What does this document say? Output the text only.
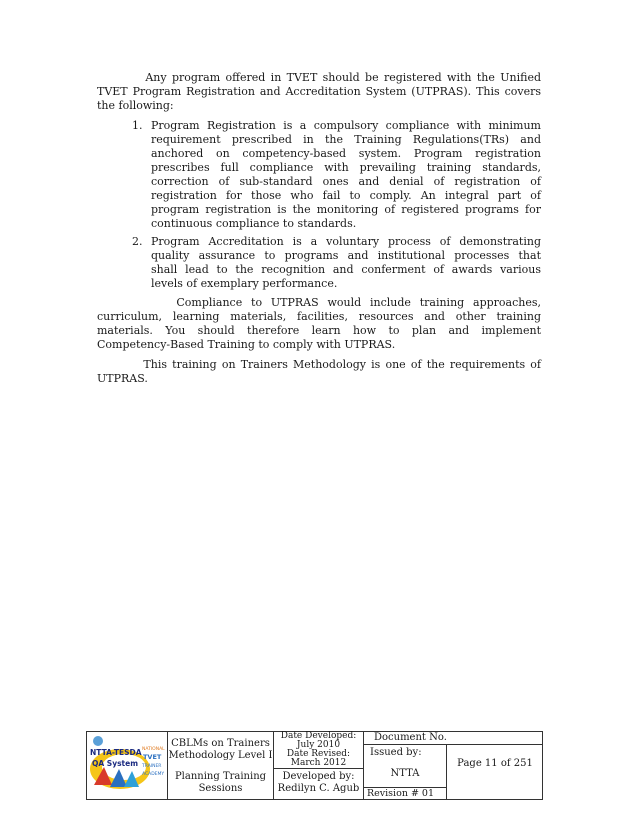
Any program offered in TVET should be registered with the Unified
TVET Program Registration and Accreditation System (UTPRAS). This covers
the following:
1. Program Registration is a compulsory compliance with minimum
requirement prescribed in the Training Regulations(TRs) and
anchored on competency-based system. Program registration
prescribes full compliance with prevailing training standards,
correction of sub-standard ones and denial of registration of
registration for those who fail to comply. An integral part of
program registration is the monitoring of registered programs for
continuous compliance to standards.
2. Program Accreditation is a voluntary process of demonstrating
quality assurance to programs and institutional processes that
shall lead to the recognition and conferment of awards various
levels of exemplary performance.
Compliance to UTPRAS would include training approaches,
curriculum, learning materials, facilities, resources and other training
materials. You should therefore learn how to plan and implement
Competency-Based Training to comply with UTPRAS.
This training on Trainers Methodology is one of the requirements of
UTPRAS.
NTTA-TESDA
QA System
NATIONAL
TVET
TRAINER
ACADEMY
CBLMs on Trainers Methodology Level I
Planning Training Sessions
Date Developed:
July 2010
Date Revised:
March 2012
Developed by:
Redilyn C. Agub
Document No.
Issued by:
NTTA
Revision # 01
Page 11 of 251
